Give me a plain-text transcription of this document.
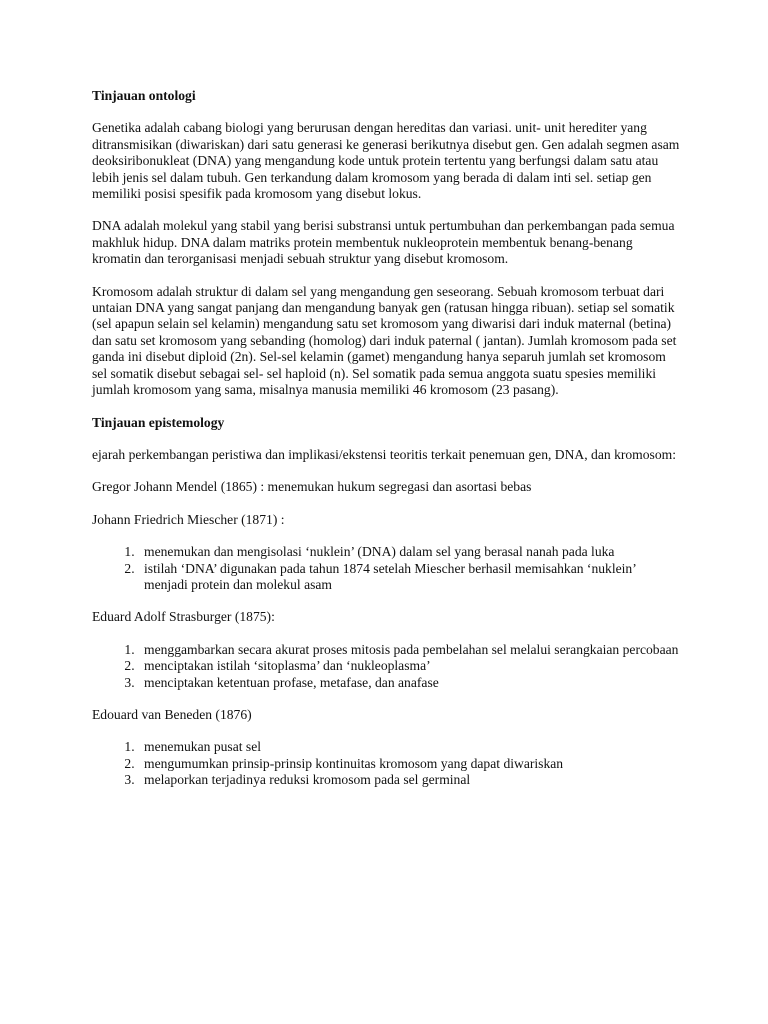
Tinjauan ontologi

Genetika adalah cabang biologi yang berurusan dengan hereditas dan variasi. unit- unit herediter yang ditransmisikan (diwariskan) dari satu generasi ke generasi berikutnya disebut gen. Gen adalah segmen asam deoksiribonukleat (DNA) yang mengandung kode untuk protein tertentu yang berfungsi dalam satu atau lebih jenis sel dalam tubuh. Gen terkandung dalam kromosom yang berada di dalam inti sel. setiap gen memiliki posisi spesifik pada kromosom yang disebut lokus.

DNA adalah molekul yang stabil yang berisi substransi untuk pertumbuhan dan perkembangan pada semua makhluk hidup. DNA dalam matriks protein membentuk nukleoprotein membentuk benang-benang kromatin dan terorganisasi menjadi sebuah struktur yang disebut kromosom.

Kromosom adalah struktur di dalam sel yang mengandung gen seseorang. Sebuah kromosom terbuat dari untaian DNA yang sangat panjang dan mengandung banyak gen (ratusan hingga ribuan). setiap sel somatik (sel apapun selain sel kelamin) mengandung satu set kromosom yang diwarisi dari induk maternal (betina) dan satu set kromosom yang sebanding (homolog) dari induk paternal ( jantan). Jumlah kromosom pada set ganda ini disebut diploid (2n). Sel-sel kelamin (gamet) mengandung hanya separuh jumlah set kromosom sel somatik disebut sebagai sel- sel haploid (n). Sel somatik pada semua anggota suatu spesies memiliki jumlah kromosom yang sama, misalnya manusia memiliki 46 kromosom (23 pasang).

Tinjauan epistemology

ejarah perkembangan peristiwa dan implikasi/ekstensi teoritis terkait penemuan gen, DNA, dan kromosom:

Gregor Johann Mendel (1865) : menemukan hukum segregasi dan asortasi bebas

Johann Friedrich Miescher (1871) :

1. menemukan dan mengisolasi ‘nuklein’ (DNA) dalam sel yang berasal nanah pada luka
2. istilah ‘DNA’ digunakan pada tahun 1874 setelah Miescher berhasil memisahkan ‘nuklein’ menjadi protein dan molekul asam

Eduard Adolf Strasburger (1875):

1. menggambarkan secara akurat proses mitosis pada pembelahan sel melalui serangkaian percobaan
2. menciptakan istilah ‘sitoplasma’ dan ‘nukleoplasma’
3. menciptakan ketentuan profase, metafase, dan anafase

Edouard van Beneden (1876)

1. menemukan pusat sel
2. mengumumkan prinsip-prinsip kontinuitas kromosom yang dapat diwariskan
3. melaporkan terjadinya reduksi kromosom pada sel germinal
